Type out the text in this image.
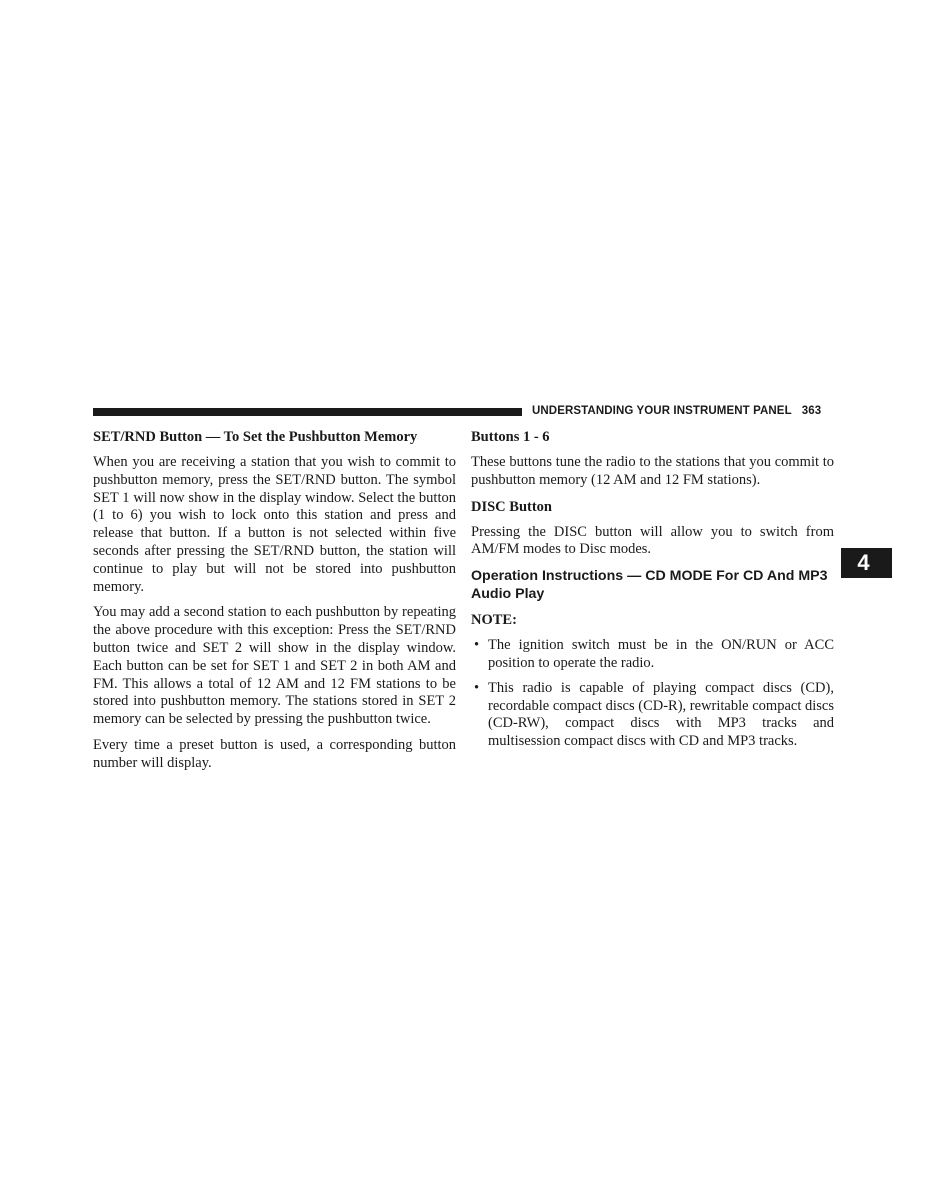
UNDERSTANDING YOUR INSTRUMENT PANEL 363
4
SET/RND Button — To Set the Pushbutton Memory

When you are receiving a station that you wish to commit to pushbutton memory, press the SET/RND button. The symbol SET 1 will now show in the display window. Select the button (1 to 6) you wish to lock onto this station and press and release that button. If a button is not selected within five seconds after pressing the SET/RND button, the station will continue to play but will not be stored into pushbutton memory.

You may add a second station to each pushbutton by repeating the above procedure with this exception: Press the SET/RND button twice and SET 2 will show in the display window. Each button can be set for SET 1 and SET 2 in both AM and FM. This allows a total of 12 AM and 12 FM stations to be stored into pushbutton memory. The stations stored in SET 2 memory can be selected by pressing the pushbutton twice.

Every time a preset button is used, a corresponding button number will display.

Buttons 1 - 6

These buttons tune the radio to the stations that you commit to pushbutton memory (12 AM and 12 FM stations).

DISC Button

Pressing the DISC button will allow you to switch from AM/FM modes to Disc modes.

Operation Instructions — CD MODE For CD And MP3 Audio Play
NOTE:
• The ignition switch must be in the ON/RUN or ACC position to operate the radio.
• This radio is capable of playing compact discs (CD), recordable compact discs (CD-R), rewritable compact discs (CD-RW), compact discs with MP3 tracks and multisession compact discs with CD and MP3 tracks.
